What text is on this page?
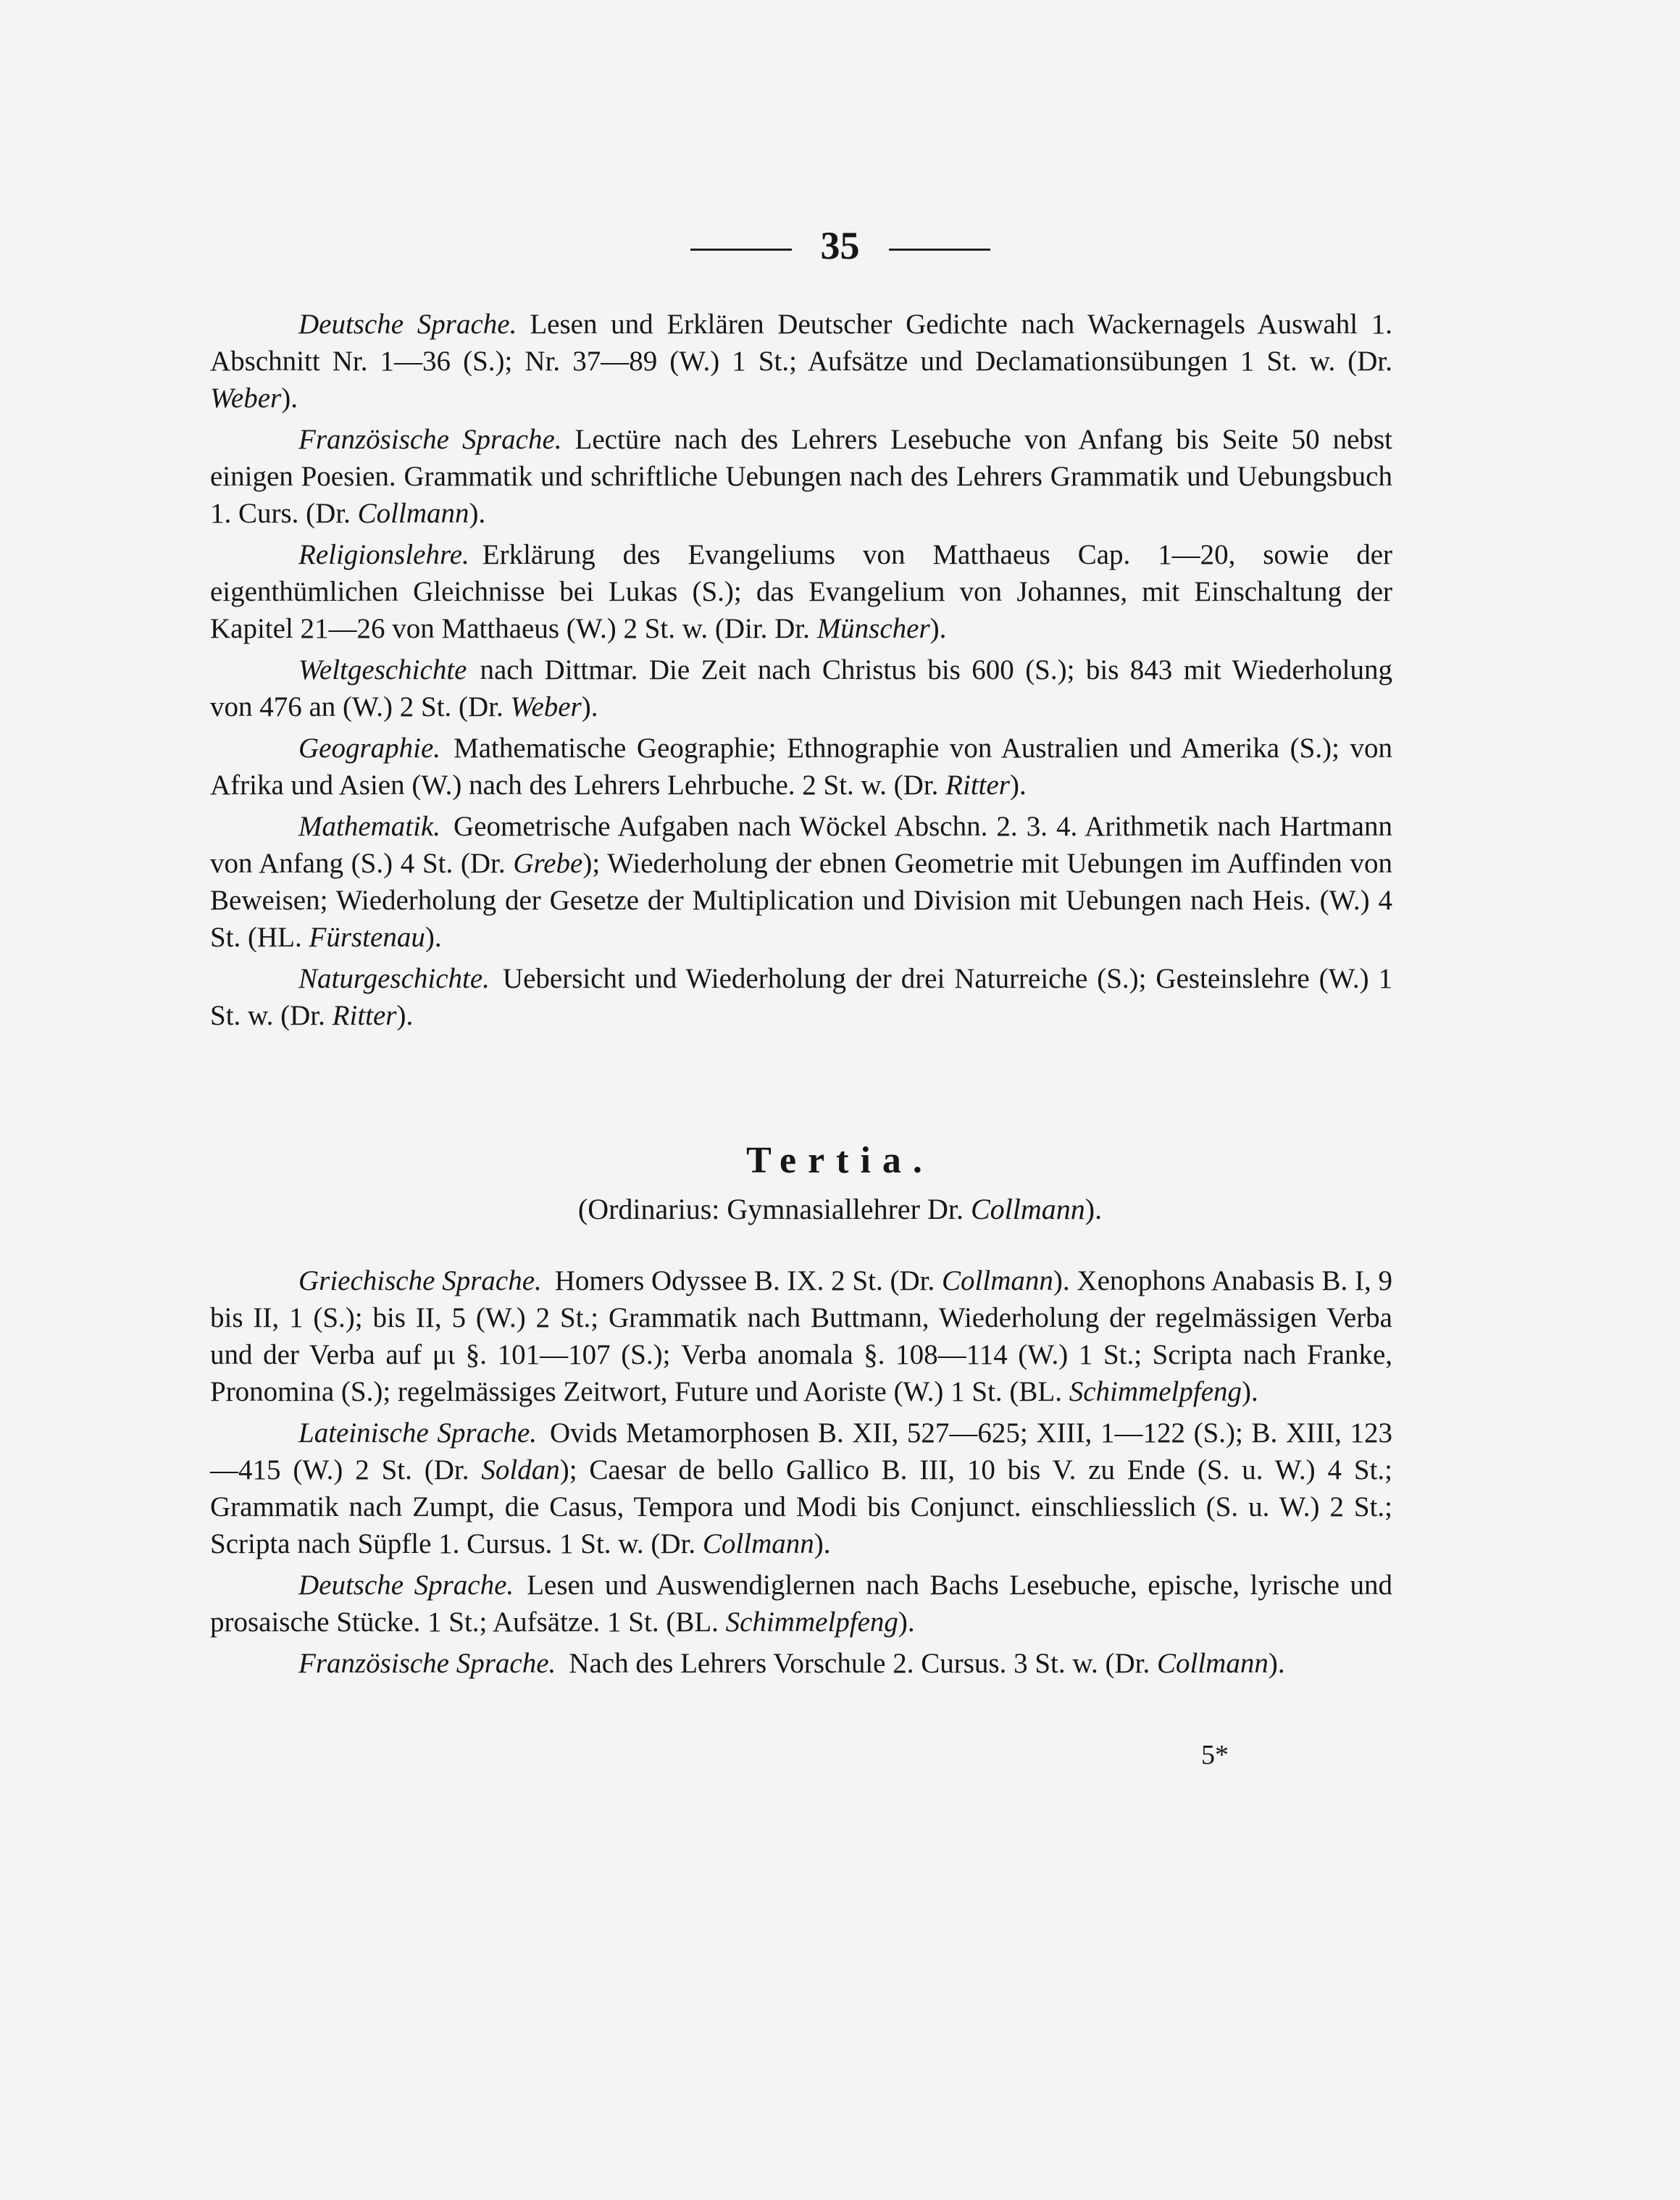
35

Deutsche Sprache. Lesen und Erklären Deutscher Gedichte nach Wackernagels Auswahl 1. Abschnitt Nr. 1—36 (S.); Nr. 37—89 (W.) 1 St.; Aufsätze und Declamationsübungen 1 St. w. (Dr. Weber).

Französische Sprache. Lectüre nach des Lehrers Lesebuche von Anfang bis Seite 50 nebst einigen Poesien. Grammatik und schriftliche Uebungen nach des Lehrers Grammatik und Uebungsbuch 1. Curs. (Dr. Collmann).

Religionslehre. Erklärung des Evangeliums von Matthaeus Cap. 1—20, sowie der eigenthümlichen Gleichnisse bei Lukas (S.); das Evangelium von Johannes, mit Einschaltung der Kapitel 21—26 von Matthaeus (W.) 2 St. w. (Dir. Dr. Münscher).

Weltgeschichte nach Dittmar. Die Zeit nach Christus bis 600 (S.); bis 843 mit Wiederholung von 476 an (W.) 2 St. (Dr. Weber).

Geographie. Mathematische Geographie; Ethnographie von Australien und Amerika (S.); von Afrika und Asien (W.) nach des Lehrers Lehrbuche. 2 St. w. (Dr. Ritter).

Mathematik. Geometrische Aufgaben nach Wöckel Abschn. 2. 3. 4. Arithmetik nach Hartmann von Anfang (S.) 4 St. (Dr. Grebe); Wiederholung der ebnen Geometrie mit Uebungen im Auffinden von Beweisen; Wiederholung der Gesetze der Multiplication und Division mit Uebungen nach Heis. (W.) 4 St. (HL. Fürstenau).

Naturgeschichte. Uebersicht und Wiederholung der drei Naturreiche (S.); Gesteinslehre (W.) 1 St. w. (Dr. Ritter).

Tertia.
(Ordinarius: Gymnasiallehrer Dr. Collmann).

Griechische Sprache. Homers Odyssee B. IX. 2 St. (Dr. Collmann). Xenophons Anabasis B. I, 9 bis II, 1 (S.); bis II, 5 (W.) 2 St.; Grammatik nach Buttmann, Wiederholung der regelmässigen Verba und der Verba auf μι §. 101—107 (S.); Verba anomala §. 108—114 (W.) 1 St.; Scripta nach Franke, Pronomina (S.); regelmässiges Zeitwort, Future und Aoriste (W.) 1 St. (BL. Schimmelpfeng).

Lateinische Sprache. Ovids Metamorphosen B. XII, 527—625; XIII, 1—122 (S.); B. XIII, 123—415 (W.) 2 St. (Dr. Soldan); Caesar de bello Gallico B. III, 10 bis V. zu Ende (S. u. W.) 4 St.; Grammatik nach Zumpt, die Casus, Tempora und Modi bis Conjunct. einschliesslich (S. u. W.) 2 St.; Scripta nach Süpfle 1. Cursus. 1 St. w. (Dr. Collmann).

Deutsche Sprache. Lesen und Auswendiglernen nach Bachs Lesebuche, epische, lyrische und prosaische Stücke. 1 St.; Aufsätze. 1 St. (BL. Schimmelpfeng).

Französische Sprache. Nach des Lehrers Vorschule 2. Cursus. 3 St. w. (Dr. Collmann).

5*
